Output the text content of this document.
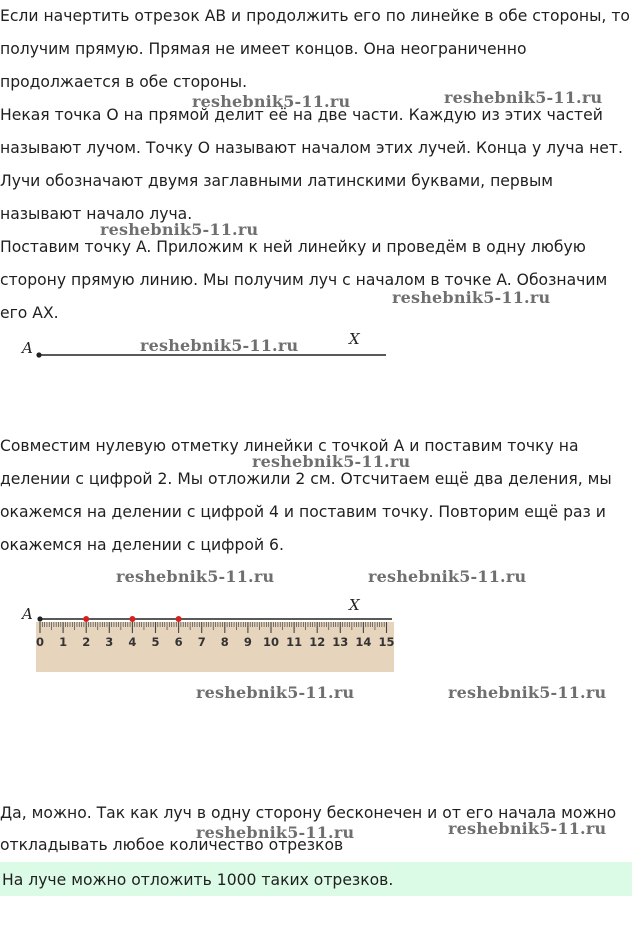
Если начертить отрезок AB и продолжить его по линейке в обе стороны, то получим прямую. Прямая не имеет концов. Она неограниченно продолжается в обе стороны.

Некая точка О на прямой делит её на две части. Каждую из этих частей называют лучом. Точку О называют началом этих лучей. Конца у луча нет. Лучи обозначают двумя заглавными латинскими буквами, первым называют начало луча.

Поставим точку A. Приложим к ней линейку и проведём в одну любую сторону прямую линию. Мы получим луч с началом в точке A. Обозначим его AX.

A	X

Совместим нулевую отметку линейки с точкой A и поставим точку на делении с цифрой 2. Мы отложили 2 см. Отсчитаем ещё два деления, мы окажемся на делении с цифрой 4 и поставим точку. Повторим ещё раз и окажемся на делении с цифрой 6.

A	X
0 1 2 3 4 5 6 7 8 9 10 11 12 13 14 15

Да, можно. Так как луч в одну сторону бесконечен и от его начала можно откладывать любое количество отрезков

На луче можно отложить 1000 таких отрезков.
reshebnik5-11.ru	reshebnik5-11.ru
reshebnik5-11.ru
reshebnik5-11.ru
reshebnik5-11.ru
reshebnik5-11.ru
reshebnik5-11.ru	reshebnik5-11.ru
reshebnik5-11.ru	reshebnik5-11.ru
reshebnik5-11.ru	reshebnik5-11.ru
